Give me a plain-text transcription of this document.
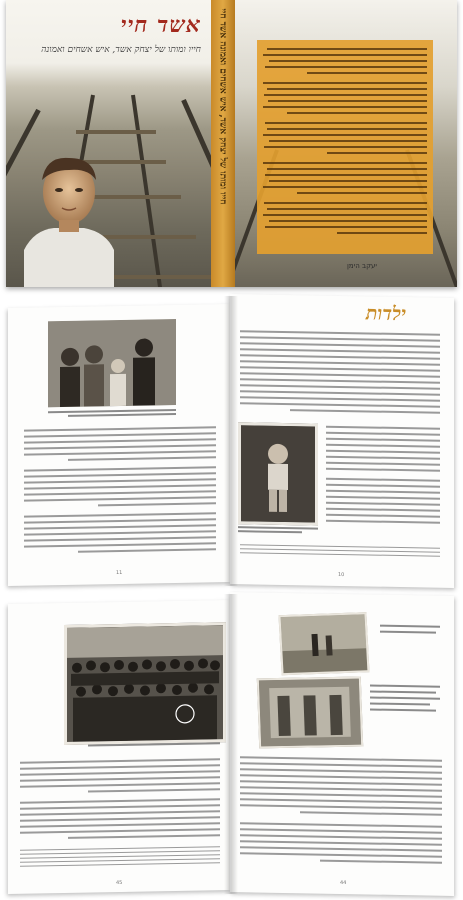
אשד חיי
חייו ומותו של יצחק אשד, איש אשחים ואמונה חייו ומותו של יצחק אשד, איש אשחים ואמונה אשד חיי
יעקב הימן
11
ילדות
10
45	44
